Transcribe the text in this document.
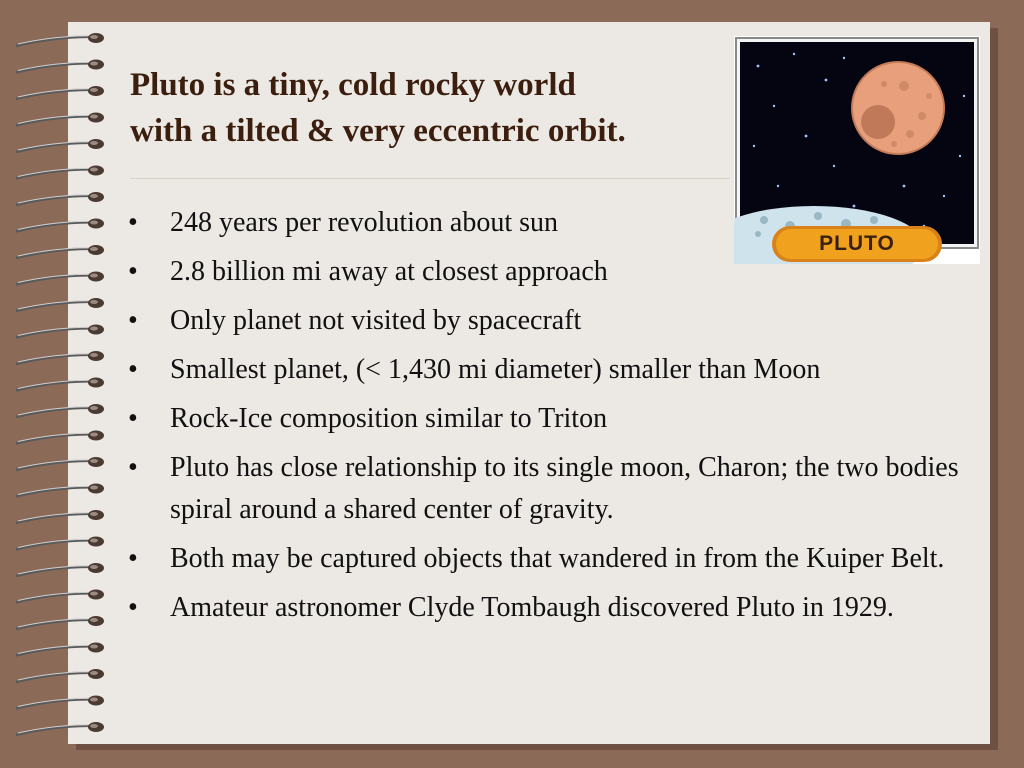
Pluto is a tiny, cold rocky world
with a tilted & very eccentric orbit.
• 248 years per revolution about sun
• 2.8 billion mi away at closest approach
• Only planet not visited by spacecraft
• Smallest planet, (< 1,430 mi diameter) smaller than Moon
• Rock-Ice composition similar to Triton
• Pluto has close relationship to its single moon, Charon; the two bodies spiral around a shared center of gravity.
• Both may be captured objects that wandered in from the Kuiper Belt.
• Amateur astronomer Clyde Tombaugh discovered Pluto in 1929.
PLUTO
